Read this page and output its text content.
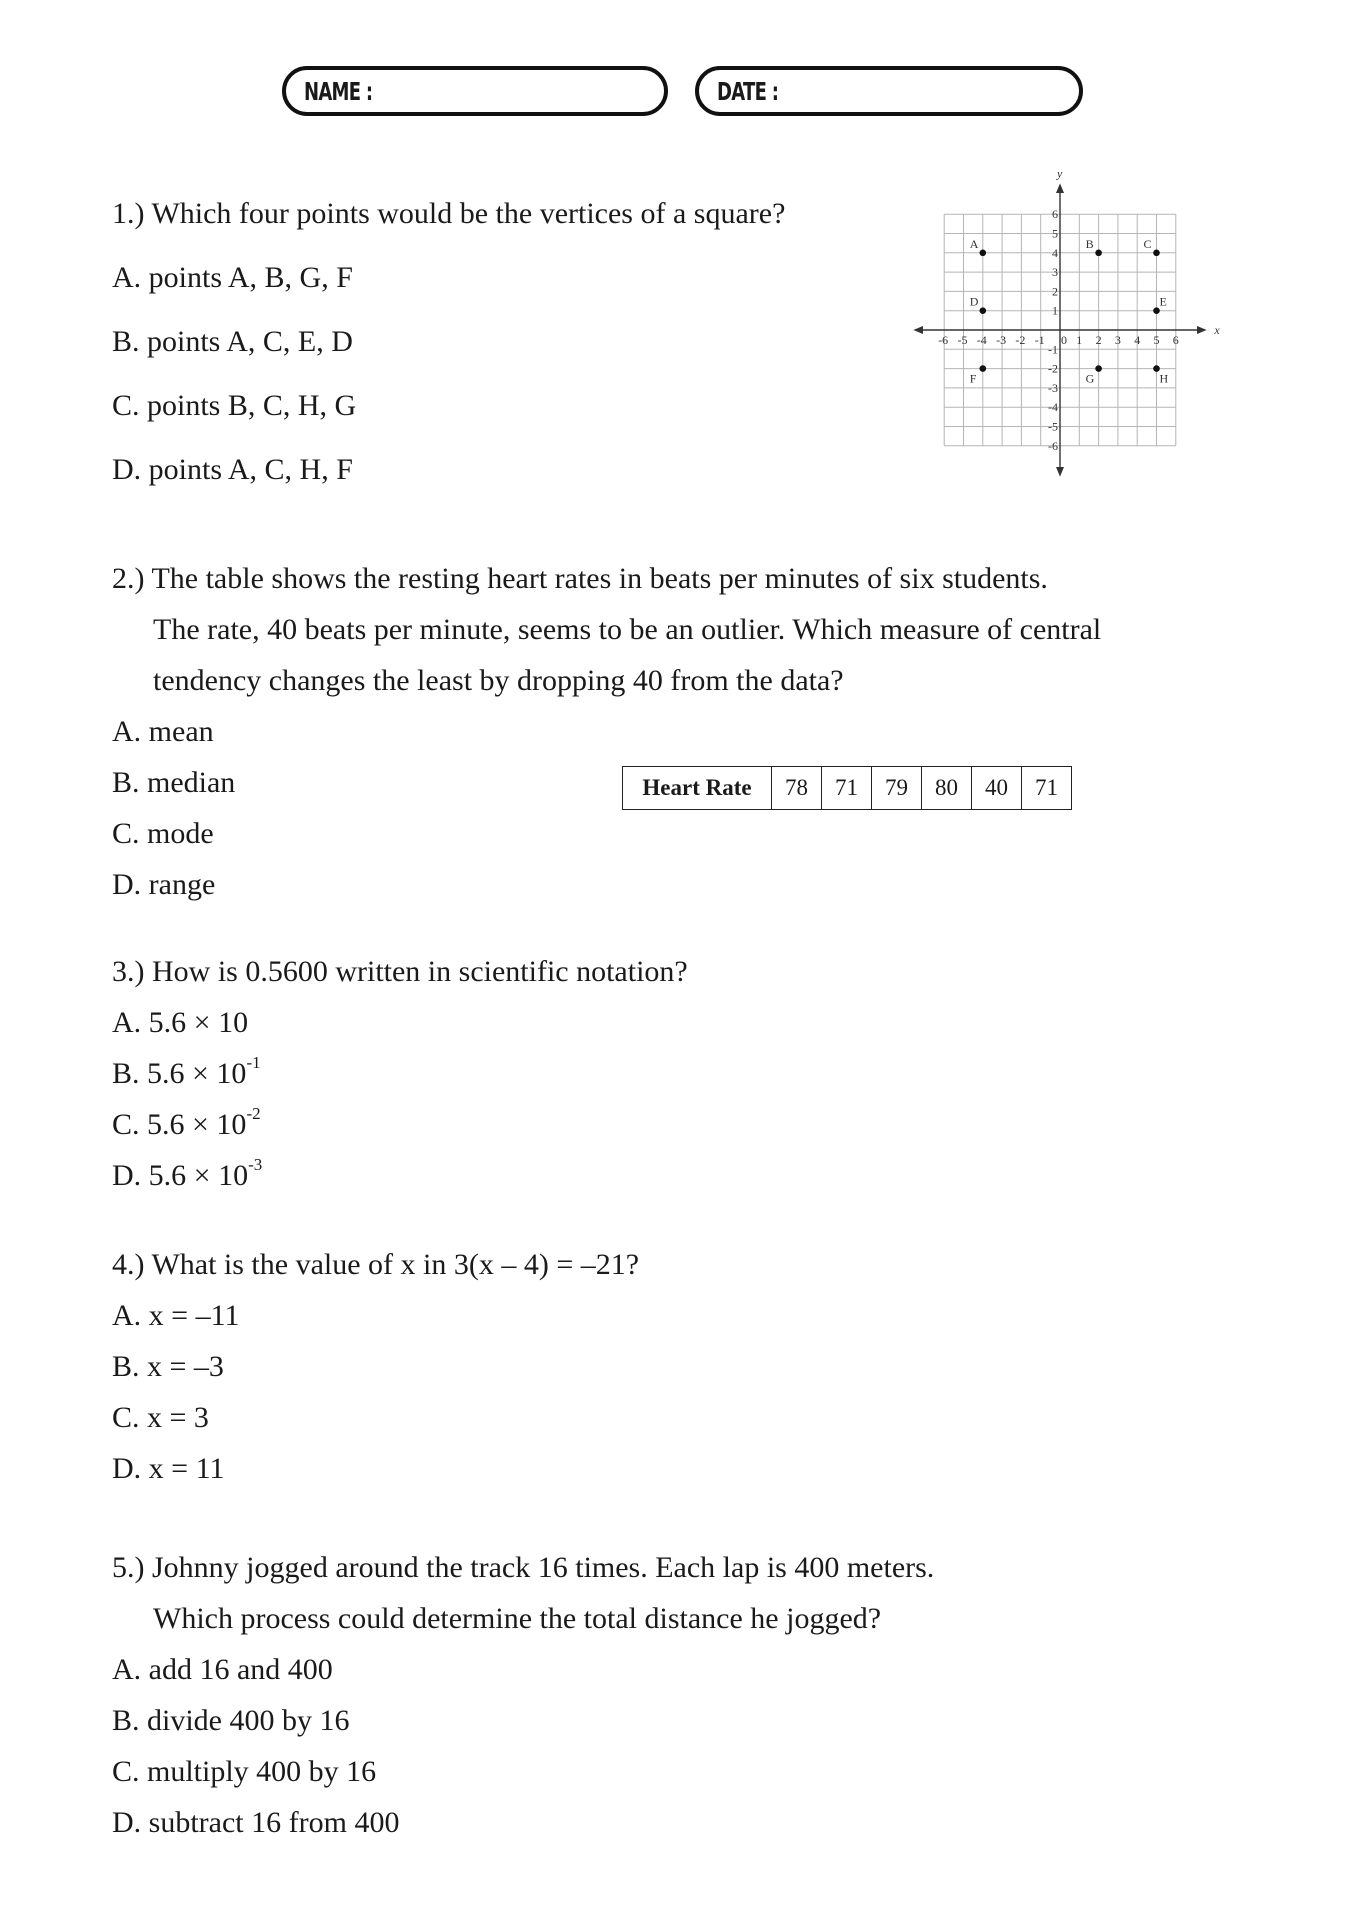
NAME :	DATE :
1.) Which four points would be the vertices of a square?
A. points A, B, G, F
B. points A, C, E, D
C. points B, C, H, G
D. points A, C, H, F
x
y
-6 -5 -4 -3 -2 -1 0 1 2 3 4 5 6
6
5
4
3
2
1
-1
-2
-3
-4
-5
-6
A	B	C
D	E
F	G	H
2.) The table shows the resting heart rates in beats per minutes of six students.
The rate, 40 beats per minute, seems to be an outlier. Which measure of central
tendency changes the least by dropping 40 from the data?
A. mean
B. median
C. mode
D. range
Heart Rate	78	71	79	80	40	71
3.) How is 0.5600 written in scientific notation?
A. 5.6 × 10
B. $5.6 \times 10^{-1}$
C. $5.6 \times 10^{-2}$
D. $5.6 \times 10^{-3}$
4.) What is the value of x in 3(x – 4) = –21?
A. x = –11
B. x = –3
C. x = 3
D. x = 11
5.) Johnny jogged around the track 16 times. Each lap is 400 meters.
Which process could determine the total distance he jogged?
A. add 16 and 400
B. divide 400 by 16
C. multiply 400 by 16
D. subtract 16 from 400
